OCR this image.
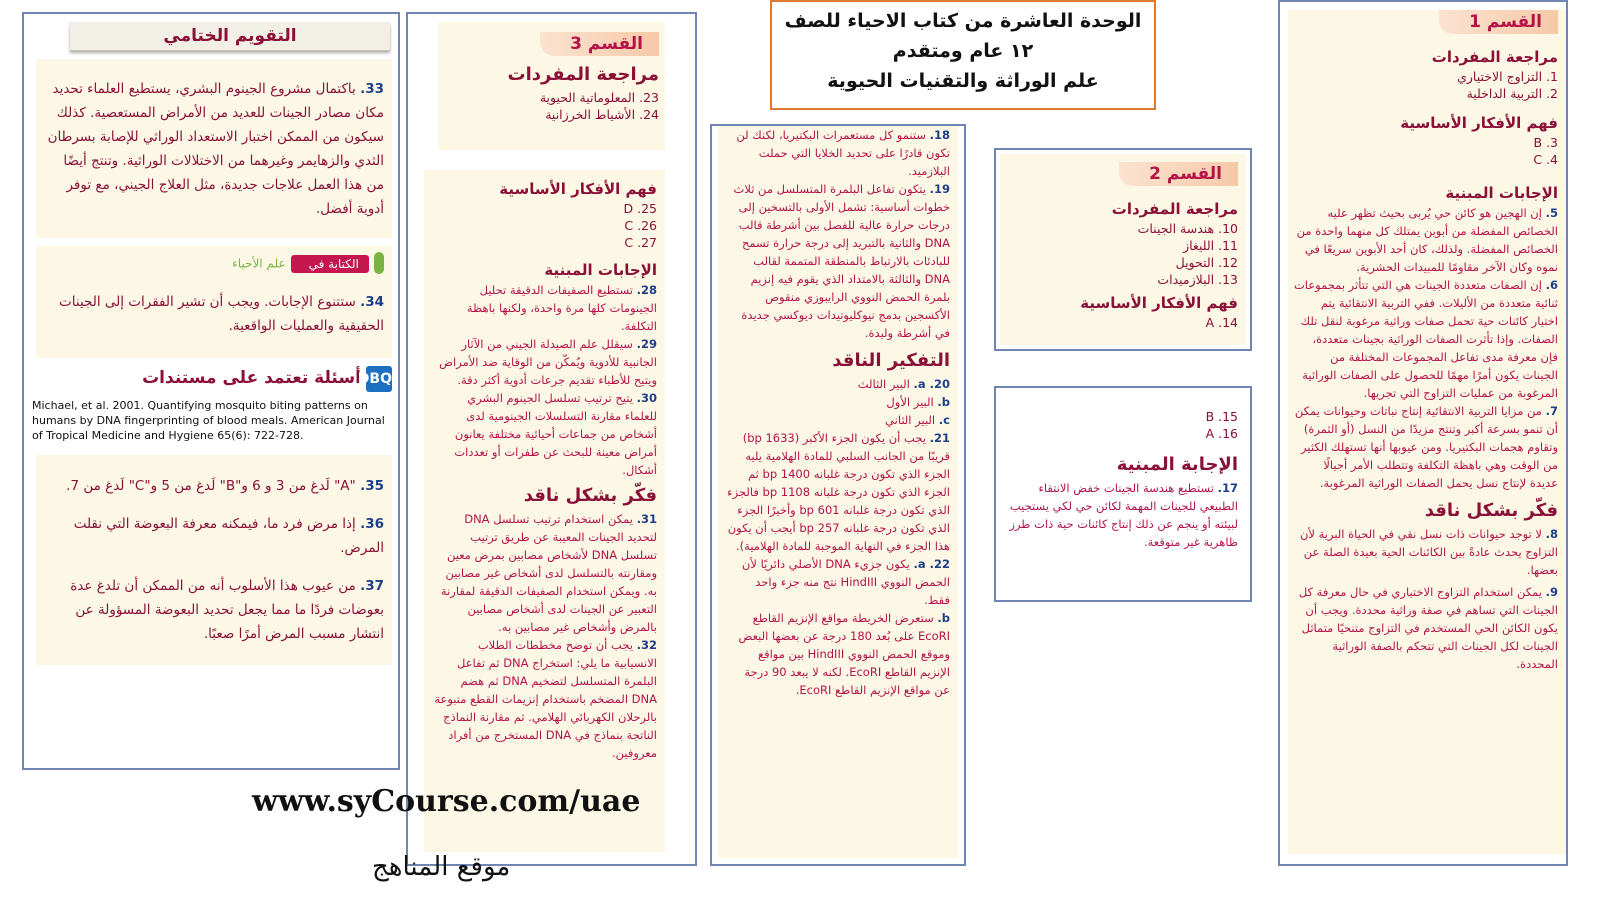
الوحدة العاشرة من كتاب الاحياء للصف
١٢ عام ومتقدم
علم الوراثة والتقنيات الحيوية
القسم 1
مراجعة المفردات
1. التزاوج الاختياري
2. التربية الداخلية
فهم الأفكار الأساسية
B .3
C .4
الإجابات المبنية

5. إن الهجين هو كائن حي يُربى بحيث تظهر عليه الخصائص المفضلة من أبوين يمتلك كل منهما واحدة من الخصائص المفضلة. ولذلك، كان أحد الأبوين سريعًا في نموه وكان الآخر مقاومًا للمبيدات الحشرية.

6. إن الصفات متعددة الجينات هي التي تتأثر بمجموعات ثنائية متعددة من الأليلات. ففي التربية الانتقائية يتم اختيار كائنات حية تحمل صفات وراثية مرغوبة لنقل تلك الصفات. وإذا تأثرت الصفات الوراثية بجينات متعددة، فإن معرفة مدى تفاعل المجموعات المختلفة من الجينات يكون أمرًا مهمًا للحصول على الصفات الوراثية المرغوبة من عمليات التزاوج التي تجريها.

7. من مزايا التربية الانتقائية إنتاج نباتات وحيوانات يمكن أن تنمو بسرعة أكبر وتنتج مزيدًا من النسل (أو الثمرة) وتقاوم هجمات البكتيريا. ومن عيوبها أنها تستهلك الكثير من الوقت وهي باهظة التكلفة وتتطلب الأمر أجيالًا عديدة لإنتاج نسل يحمل الصفات الوراثية المرغوبة.

فكّر بشكل ناقد

8. لا توجد حيوانات ذات نسل نقي في الحياة البرية لأن التزاوج يحدث عادةً بين الكائنات الحية بعيدة الصلة عن بعضها.

9. يمكن استخدام التزاوج الاختباري في حال معرفة كل الجينات التي تساهم في صفة وراثية محددة. ويجب أن يكون الكائن الحي المستخدم في التزاوج متنحيًا متماثل الجينات لكل الجينات التي تتحكم بالصفة الوراثية المحددة.

القسم 2
مراجعة المفردات
10. هندسة الجينات
11. الليغاز
12. التحويل
13. البلازميدات
فهم الأفكار الأساسية
A .14
B .15
A .16
الإجابة المبنية

17. تستطيع هندسة الجينات خفض الانتقاء الطبيعي للجينات المهمة لكائن حي لكي يستجيب لبيئته أو ينجم عن ذلك إنتاج كائنات حية ذات طرز ظاهرية غير متوقعة.

18. ستنمو كل مستعمرات البكتيريا، لكنك لن تكون قادرًا على تحديد الخلايا التي حملت البلازميد.

19. يتكون تفاعل البلمرة المتسلسل من ثلاث خطوات أساسية: تشمل الأولى بالتسخين إلى درجات حرارة عالية للفصل بين أشرطة قالب DNA والثانية بالتبريد إلى درجة حرارة تسمح للبادئات بالارتباط بالمنطقة المتممة لقالب DNA والثالثة بالامتداد الذي يقوم فيه إنزيم بلمرة الحمض النووي الرايبوزي منقوص الأكسجين بدمج نيوكليوتيدات ديوكسي جديدة في أشرطة وليدة.

التفكير الناقد

20. a. البير الثالث

b. البير الأول

c. البير الثاني

21. يجب أن يكون الجزء الأكبر (1633 bp) قريبًا من الجانب السلبي للمادة الهلامية يليه الجزء الذي تكون درجة غلبانه 1400 bp ثم الجزء الذي تكون درجة غلبانه 1108 bp فالجزء الذي تكون درجة غلبانه 601 bp وأخيرًا الجزء الذي تكون درجة غلبانه 257 bp أيجب أن يكون هذا الجزء في النهاية الموجبة للمادة الهلامية).

22. a. يكون جزيء DNA الأصلي دائريًا لأن الحمض النووي HindIII نتج منه جزء واحد فقط.

b. ستعرض الخريطة مواقع الإنزيم القاطع EcoRI على بُعد 180 درجة عن بعضها البعض وموقع الحمض النووي HindIII بين مواقع الإنزيم القاطع EcoRI. لكنه لا يبعد 90 درجة عن مواقع الإنزيم القاطع EcoRI.

القسم 3
مراجعة المفردات
23. المعلوماتية الحيوية
24. الأشياط الخرزانية
فهم الأفكار الأساسية
D .25
C .26
C .27
الإجابات المبنية

28. تستطيع الصفيفات الدقيقة تحليل الجينومات كلها مرة واحدة، ولكنها باهظة التكلفة.

29. سيقلل علم الصيدلة الجيني من الآثار الجانبية للأدوية ويُمكّن من الوقاية ضد الأمراض ويتيح للأطباء تقديم جرعات أدوية أكثر دقة.

30. يتيح ترتيب تسلسل الجينوم البشري للعلماء مقارنة التسلسلات الجينومية لدى أشخاص من جماعات أحيائية مختلفة يعانون أمراض معينة للبحث عن طفرات أو تعددات أشكال.

فكّر بشكل ناقد

31. يمكن استخدام ترتيب تسلسل DNA لتحديد الجينات المعيبة عن طريق ترتيب تسلسل DNA لأشخاص مصابين بمرض معين ومقارنته بالتسلسل لدى أشخاص غير مصابين به. ويمكن استخدام الصفيفات الدقيقة لمقارنة التعبير عن الجينات لدى أشخاص مصابين بالمرض وأشخاص غير مصابين به.

32. يجب أن توضح مخططات الطلاب الانسيابية ما يلي: استخراج DNA ثم تفاعل البلمرة المتسلسل لتضخيم DNA ثم هضم DNA المضخم باستخدام إنزيمات القطع متبوعة بالرحلان الكهربائي الهلامي. ثم مقارنة النماذج الناتجة بنماذج في DNA المستخرج من أفراد معروفين.

التقويم الختامي

33. باكتمال مشروع الجينوم البشري، يستطيع العلماء تحديد مكان مصادر الجينات للعديد من الأمراض المستعصية. كذلك سيكون من الممكن اختبار الاستعداد الوراثي للإصابة بسرطان الثدي والزهايمر وغيرهما من الاختلالات الوراثية. وتنتج أيضًا من هذا العمل علاجات جديدة، مثل العلاج الجيني، مع توفر أدوية أفضل.

الكتابة في علم الأحياء

34. ستتنوع الإجابات. ويجب أن تشير الفقرات إلى الجينات الحقيقية والعمليات الواقعية.

DBQ أسئلة تعتمد على مستندات
Michael, et al. 2001. Quantifying mosquito biting patterns on humans by DNA fingerprinting of blood meals. American Journal of Tropical Medicine and Hygiene 65(6): 722-728.

35. "A" لَدغ من 3 و 6 و"B" لَدغ من 5 و"C" لَدغ من 7.

36. إذا مرض فرد ما، فيمكنه معرفة البعوضة التي نقلت المرض.

37. من عيوب هذا الأسلوب أنه من الممكن أن تلدغ عدة بعوضات فردًا ما مما يجعل تحديد البعوضة المسؤولة عن انتشار مسبب المرض أمرًا صعبًا.

www.syCourse.com/uae
موقع المناهج
